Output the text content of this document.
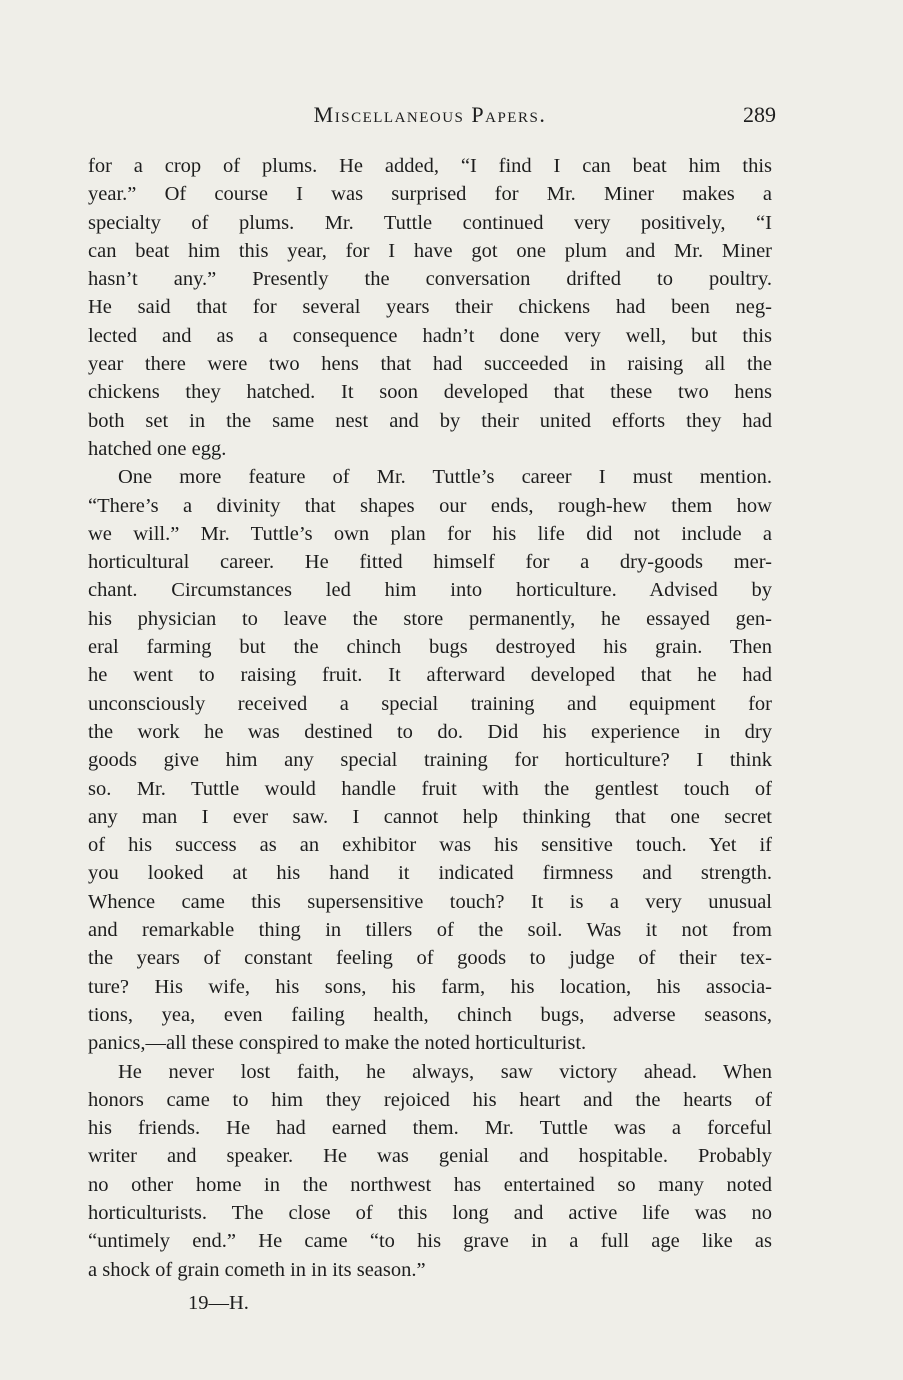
Miscellaneous Papers.	289
for a crop of plums. He added, “I find I can beat him this
year.” Of course I was surprised for Mr. Miner makes a
specialty of plums. Mr. Tuttle continued very positively, “I
can beat him this year, for I have got one plum and Mr. Miner
hasn’t any.” Presently the conversation drifted to poultry.
He said that for several years their chickens had been neg-
lected and as a consequence hadn’t done very well, but this
year there were two hens that had succeeded in raising all the
chickens they hatched. It soon developed that these two hens
both set in the same nest and by their united efforts they had
hatched one egg.
One more feature of Mr. Tuttle’s career I must mention.
“There’s a divinity that shapes our ends, rough-hew them how
we will.” Mr. Tuttle’s own plan for his life did not include a
horticultural career. He fitted himself for a dry-goods mer-
chant. Circumstances led him into horticulture. Advised by
his physician to leave the store permanently, he essayed gen-
eral farming but the chinch bugs destroyed his grain. Then
he went to raising fruit. It afterward developed that he had
unconsciously received a special training and equipment for
the work he was destined to do. Did his experience in dry
goods give him any special training for horticulture? I think
so. Mr. Tuttle would handle fruit with the gentlest touch of
any man I ever saw. I cannot help thinking that one secret
of his success as an exhibitor was his sensitive touch. Yet if
you looked at his hand it indicated firmness and strength.
Whence came this supersensitive touch? It is a very unusual
and remarkable thing in tillers of the soil. Was it not from
the years of constant feeling of goods to judge of their tex-
ture? His wife, his sons, his farm, his location, his associa-
tions, yea, even failing health, chinch bugs, adverse seasons,
panics,—all these conspired to make the noted horticulturist.
He never lost faith, he always, saw victory ahead. When
honors came to him they rejoiced his heart and the hearts of
his friends. He had earned them. Mr. Tuttle was a forceful
writer and speaker. He was genial and hospitable. Probably
no other home in the northwest has entertained so many noted
horticulturists. The close of this long and active life was no
“untimely end.” He came “to his grave in a full age like as
a shock of grain cometh in in its season.”
19—H.
